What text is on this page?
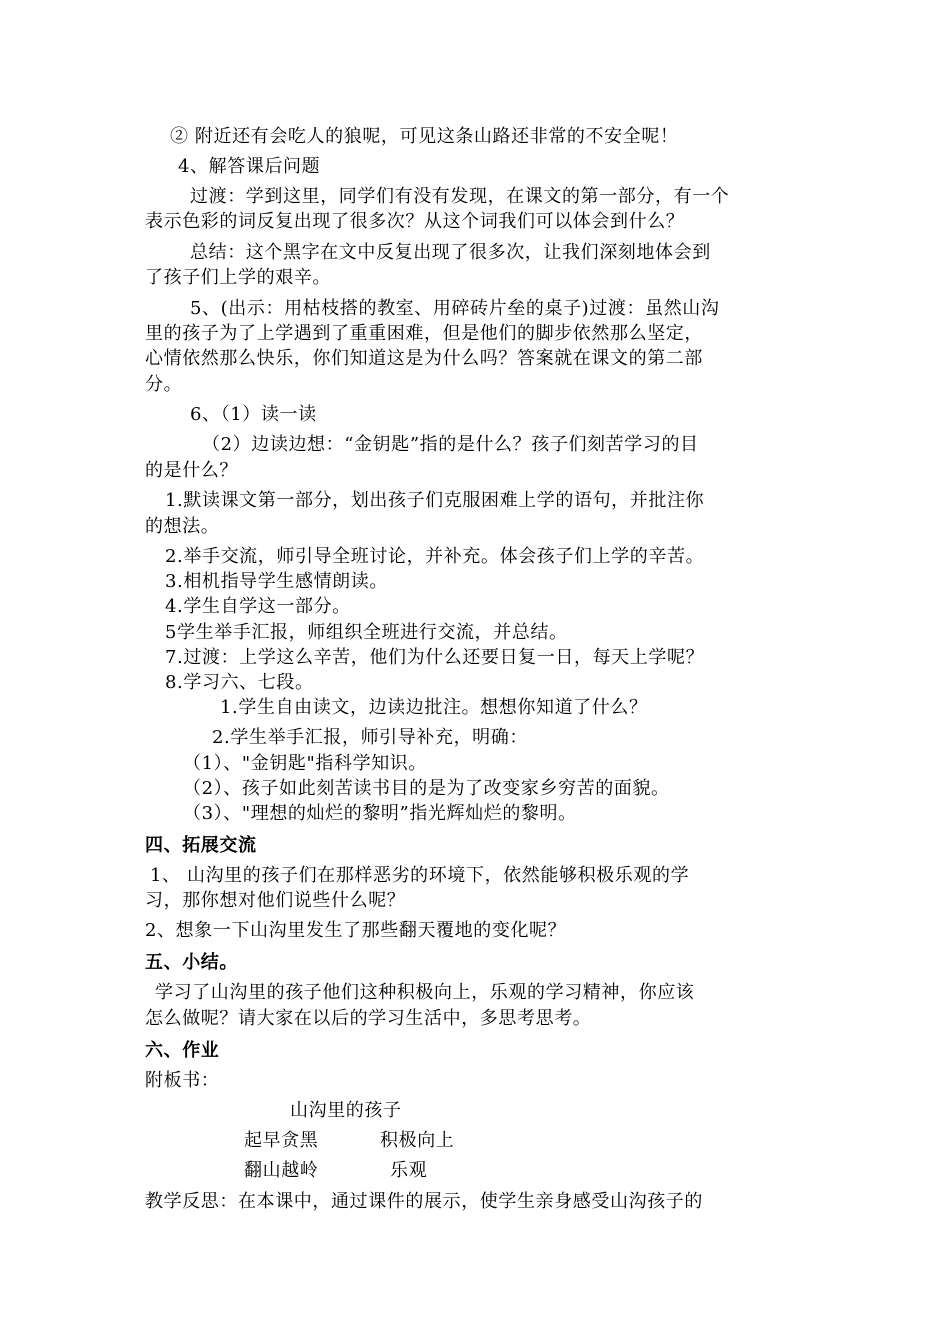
② 附近还有会吃人的狼呢，可见这条山路还非常的不安全呢！
4、解答课后问题
过渡：学到这里，同学们有没有发现，在课文的第一部分，有一个
表示色彩的词反复出现了很多次？从这个词我们可以体会到什么？
总结：这个黑字在文中反复出现了很多次，让我们深刻地体会到
了孩子们上学的艰辛。
5、(出示：用枯枝搭的教室、用碎砖片垒的桌子)过渡：虽然山沟
里的孩子为了上学遇到了重重困难，但是他们的脚步依然那么坚定，
心情依然那么快乐，你们知道这是为什么吗？答案就在课文的第二部
分。
6、（1）读一读
（2）边读边想：“金钥匙”指的是什么？孩子们刻苦学习的目
的是什么？
1.默读课文第一部分，划出孩子们克服困难上学的语句，并批注你
的想法。
2.举手交流，师引导全班讨论，并补充。体会孩子们上学的辛苦。
3.相机指导学生感情朗读。
4.学生自学这一部分。
5学生举手汇报，师组织全班进行交流，并总结。
7.过渡：上学这么辛苦，他们为什么还要日复一日，每天上学呢？
8.学习六、七段。
1.学生自由读文，边读边批注。想想你知道了什么？
2.学生举手汇报，师引导补充，明确：
（1）、"金钥匙"指科学知识。
（2）、孩子如此刻苦读书目的是为了改变家乡穷苦的面貌。
（3）、"理想的灿烂的黎明”指光辉灿烂的黎明。
四、拓展交流
1、 山沟里的孩子们在那样恶劣的环境下，依然能够积极乐观的学
习，那你想对他们说些什么呢？
2、想象一下山沟里发生了那些翻天覆地的变化呢？
五、小结。
学习了山沟里的孩子他们这种积极向上，乐观的学习精神，你应该
怎么做呢？请大家在以后的学习生活中，多思考思考。
六、作业
附板书：
山沟里的孩子
起早贪黑	积极向上
翻山越岭	乐观
教学反思：在本课中，通过课件的展示，使学生亲身感受山沟孩子的
